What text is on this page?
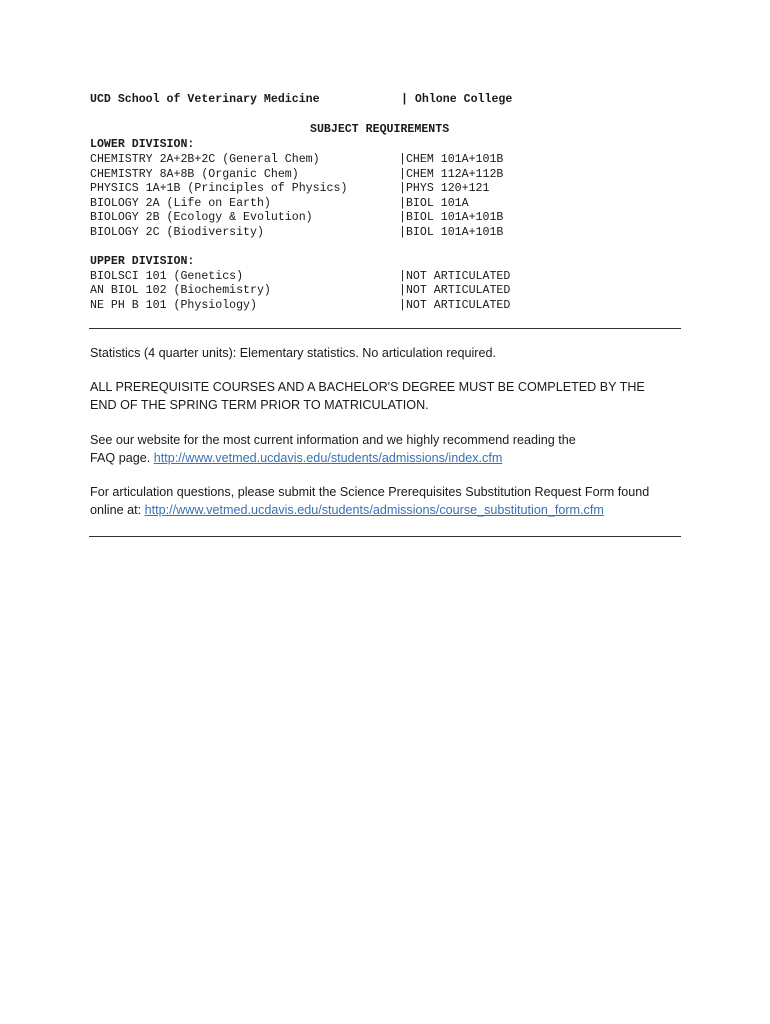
UCD School of Veterinary Medicine	| Ohlone College
SUBJECT REQUIREMENTS
LOWER DIVISION:
CHEMISTRY 2A+2B+2C (General Chem)	|CHEM 101A+101B
CHEMISTRY 8A+8B (Organic Chem)	|CHEM 112A+112B
PHYSICS 1A+1B (Principles of Physics)	|PHYS 120+121
BIOLOGY 2A (Life on Earth)	|BIOL 101A
BIOLOGY 2B (Ecology & Evolution)	|BIOL 101A+101B
BIOLOGY 2C (Biodiversity)	|BIOL 101A+101B
UPPER DIVISION:
BIOLSCI 101 (Genetics)	|NOT ARTICULATED
AN BIOL 102 (Biochemistry)	|NOT ARTICULATED
NE PH B 101 (Physiology)	|NOT ARTICULATED
Statistics (4 quarter units): Elementary statistics. No articulation required.
ALL PREREQUISITE COURSES AND A BACHELOR'S DEGREE MUST BE COMPLETED BY THE END OF THE SPRING TERM PRIOR TO MATRICULATION.
See our website for the most current information and we highly recommend reading the FAQ page. http://www.vetmed.ucdavis.edu/students/admissions/index.cfm
For articulation questions, please submit the Science Prerequisites Substitution Request Form found online at: http://www.vetmed.ucdavis.edu/students/admissions/course_substitution_form.cfm
